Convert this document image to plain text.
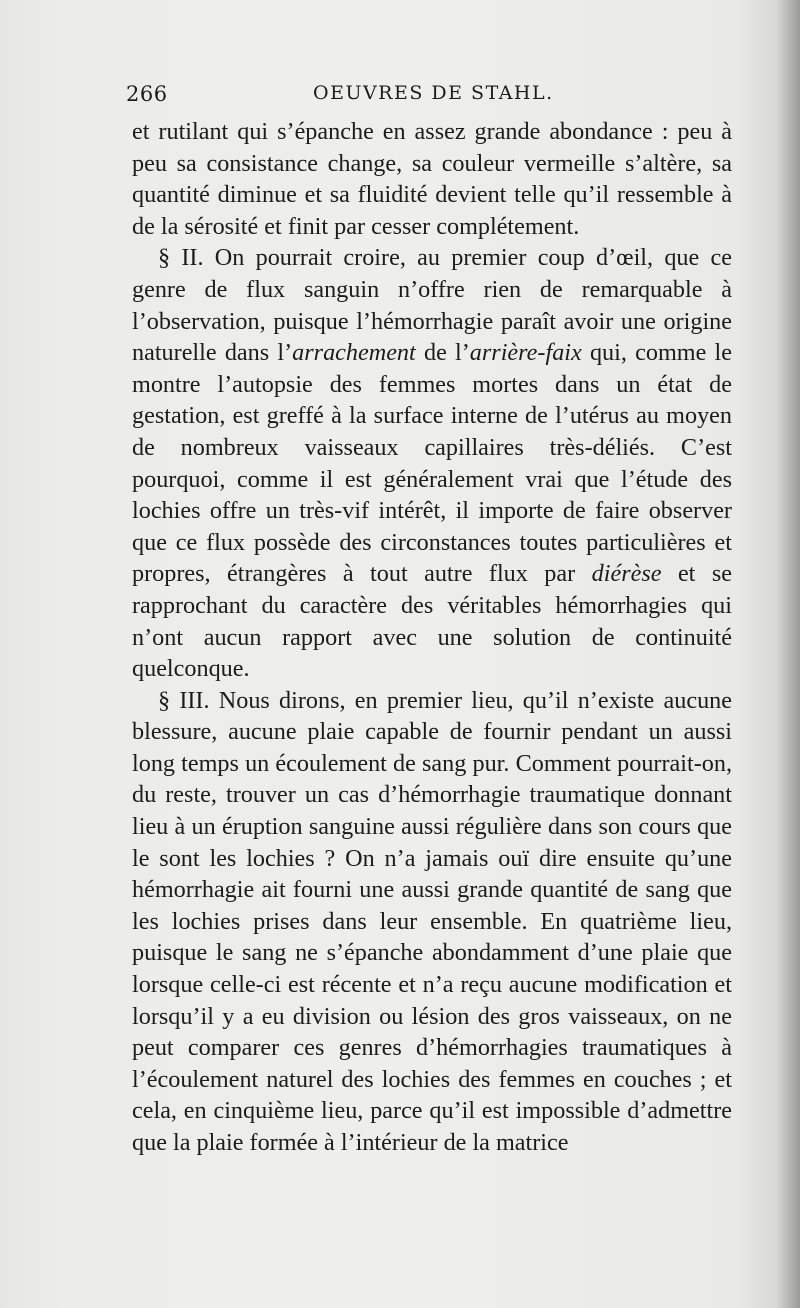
266	OEUVRES DE STAHL.

et rutilant qui s’épanche en assez grande abondance : peu à peu sa consistance change, sa couleur vermeille s’altère, sa quantité diminue et sa fluidité devient telle qu’il ressemble à de la sérosité et finit par cesser complétement.

§ II. On pourrait croire, au premier coup d’œil, que ce genre de flux sanguin n’offre rien de remarquable à l’observation, puisque l’hémorrhagie paraît avoir une origine naturelle dans l’arrachement de l’arrière-faix qui, comme le montre l’autopsie des femmes mortes dans un état de gestation, est greffé à la surface interne de l’utérus au moyen de nombreux vaisseaux capillaires très-déliés. C’est pourquoi, comme il est généralement vrai que l’étude des lochies offre un très-vif intérêt, il importe de faire observer que ce flux possède des circonstances toutes particulières et propres, étrangères à tout autre flux par diérèse et se rapprochant du caractère des véritables hémorrhagies qui n’ont aucun rapport avec une solution de continuité quelconque.

§ III. Nous dirons, en premier lieu, qu’il n’existe aucune blessure, aucune plaie capable de fournir pendant un aussi long temps un écoulement de sang pur. Comment pourrait-on, du reste, trouver un cas d’hémorrhagie traumatique donnant lieu à un éruption sanguine aussi régulière dans son cours que le sont les lochies ? On n’a jamais ouï dire ensuite qu’une hémorrhagie ait fourni une aussi grande quantité de sang que les lochies prises dans leur ensemble. En quatrième lieu, puisque le sang ne s’épanche abondamment d’une plaie que lorsque celle-ci est récente et n’a reçu aucune modification et lorsqu’il y a eu division ou lésion des gros vaisseaux, on ne peut comparer ces genres d’hémorrhagies traumatiques à l’écoulement naturel des lochies des femmes en couches ; et cela, en cinquième lieu, parce qu’il est impossible d’admettre que la plaie formée à l’intérieur de la matrice
